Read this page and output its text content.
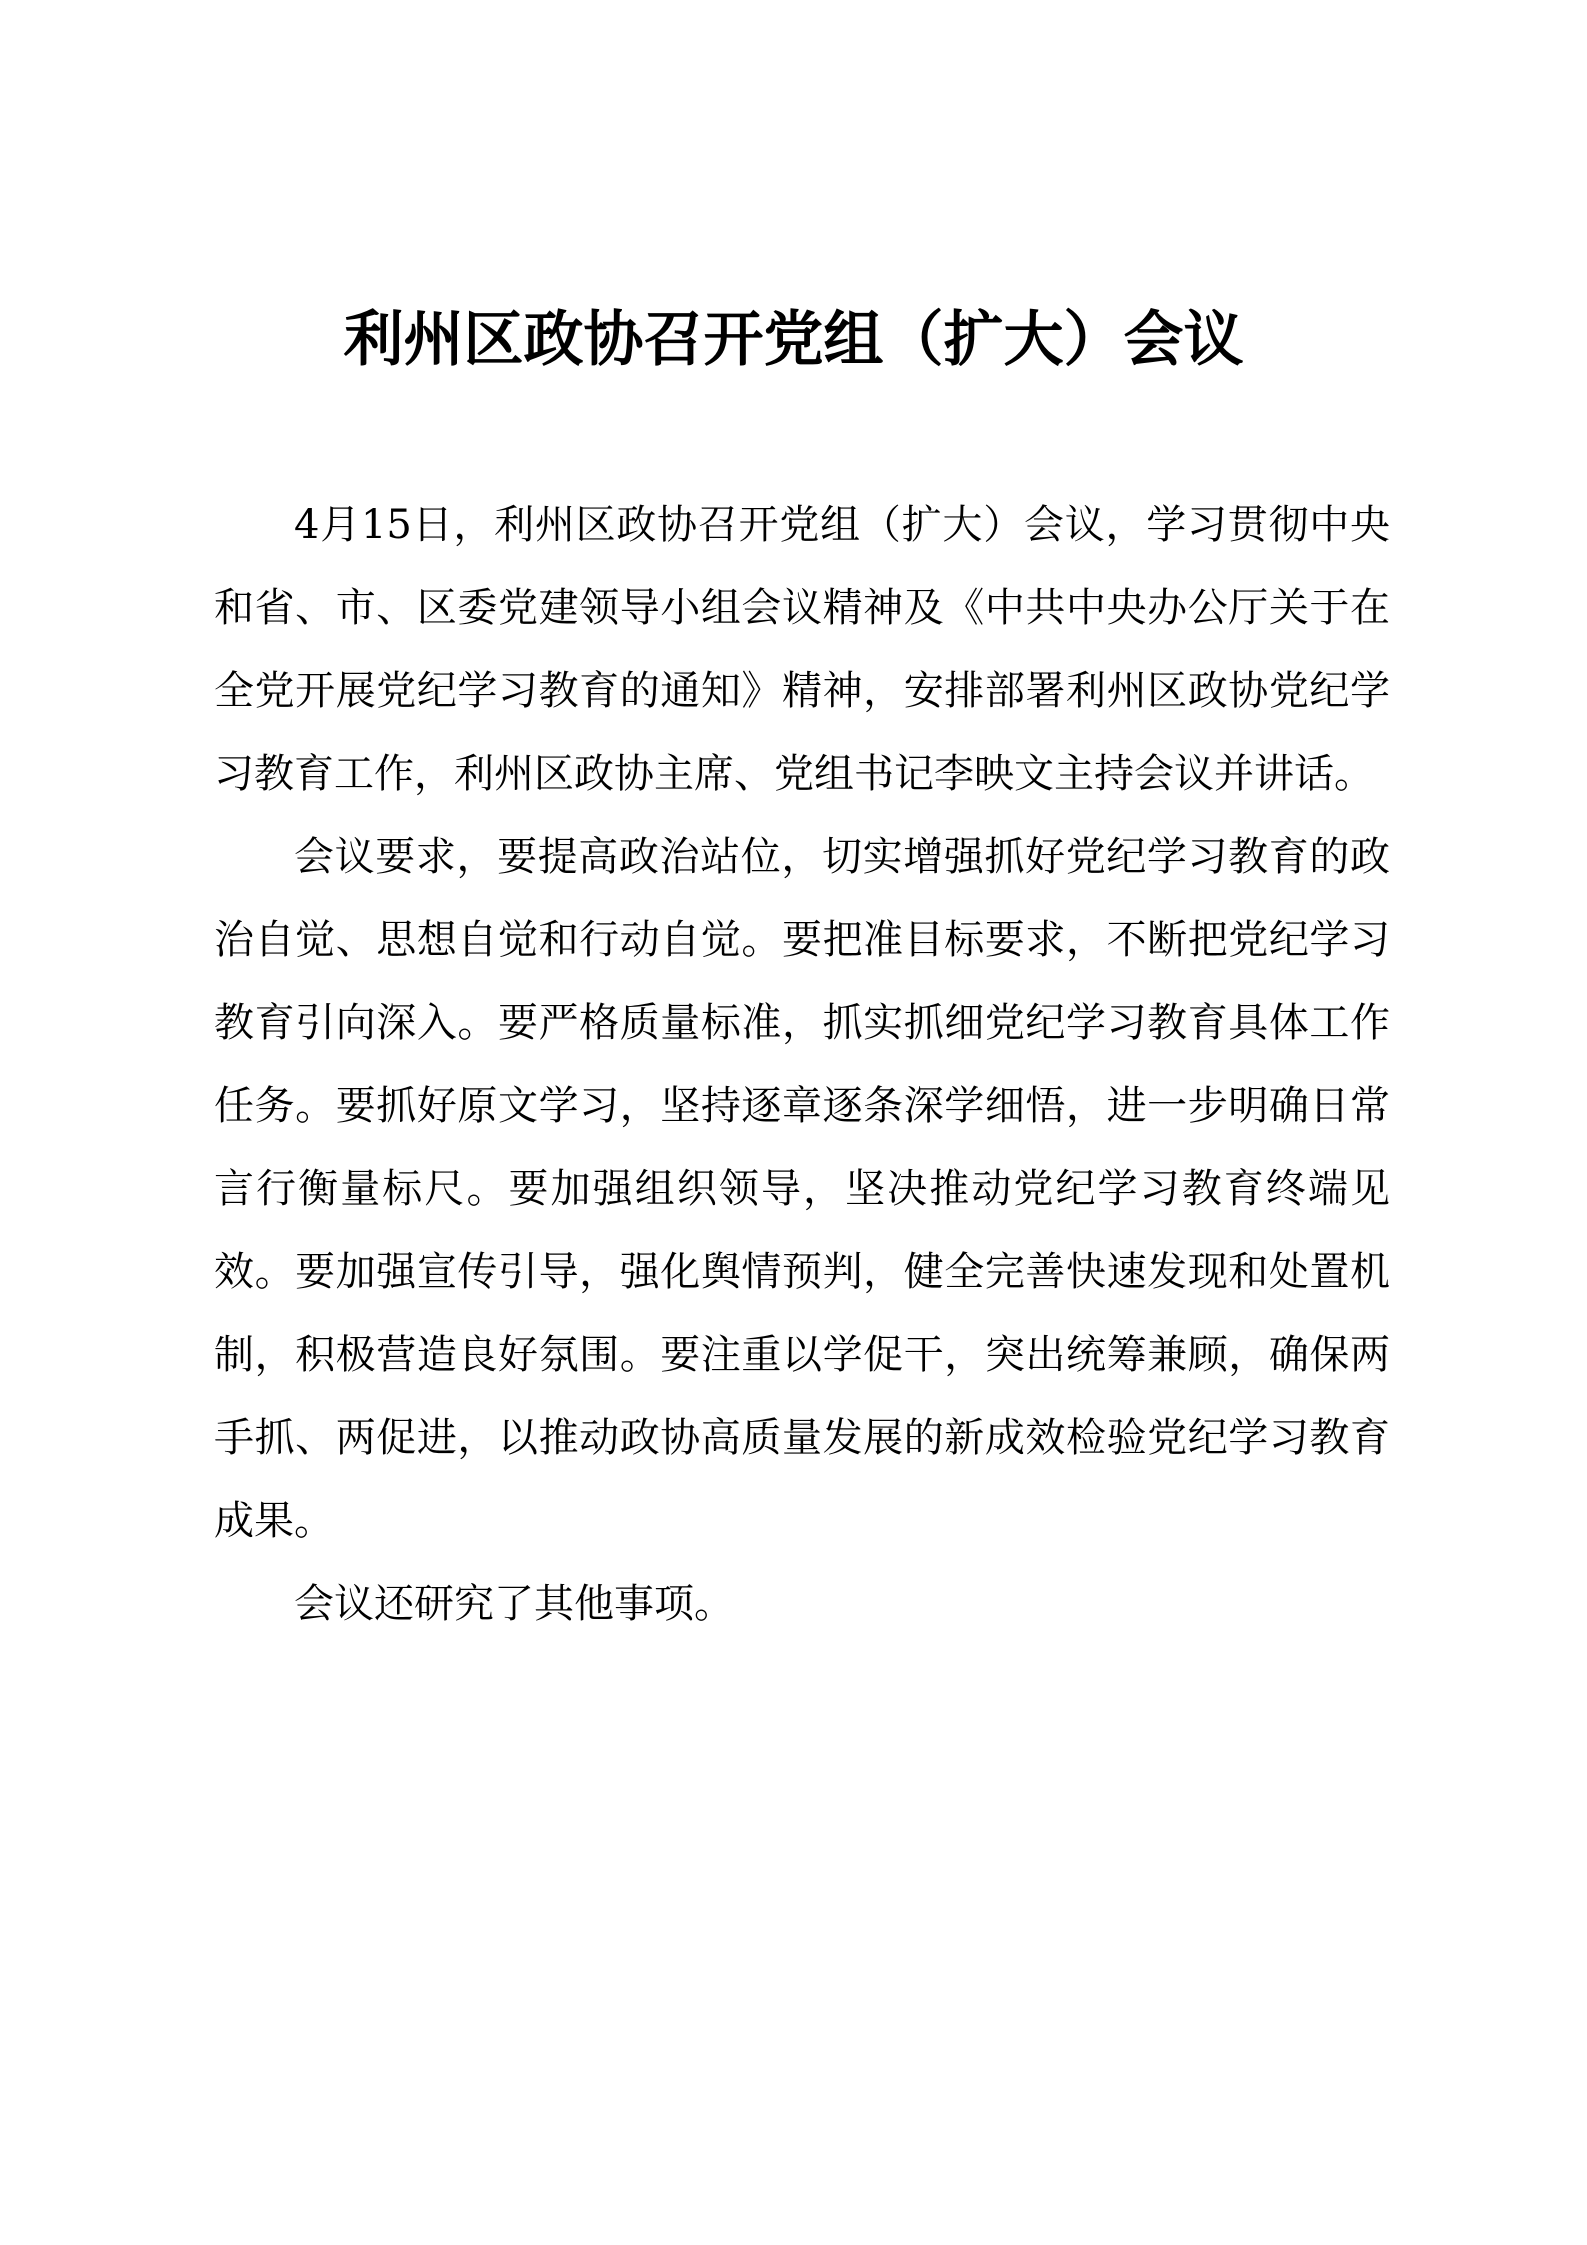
利州区政协召开党组（扩大）会议

4月15日，利州区政协召开党组（扩大）会议，学习贯彻中央和省、市、区委党建领导小组会议精神及《中共中央办公厅关于在全党开展党纪学习教育的通知》精神，安排部署利州区政协党纪学习教育工作，利州区政协主席、党组书记李映文主持会议并讲话。

会议要求，要提高政治站位，切实增强抓好党纪学习教育的政治自觉、思想自觉和行动自觉。要把准目标要求，不断把党纪学习教育引向深入。要严格质量标准，抓实抓细党纪学习教育具体工作任务。要抓好原文学习，坚持逐章逐条深学细悟，进一步明确日常言行衡量标尺。要加强组织领导，坚决推动党纪学习教育终端见效。要加强宣传引导，强化舆情预判，健全完善快速发现和处置机制，积极营造良好氛围。要注重以学促干，突出统筹兼顾，确保两手抓、两促进，以推动政协高质量发展的新成效检验党纪学习教育成果。

会议还研究了其他事项。
